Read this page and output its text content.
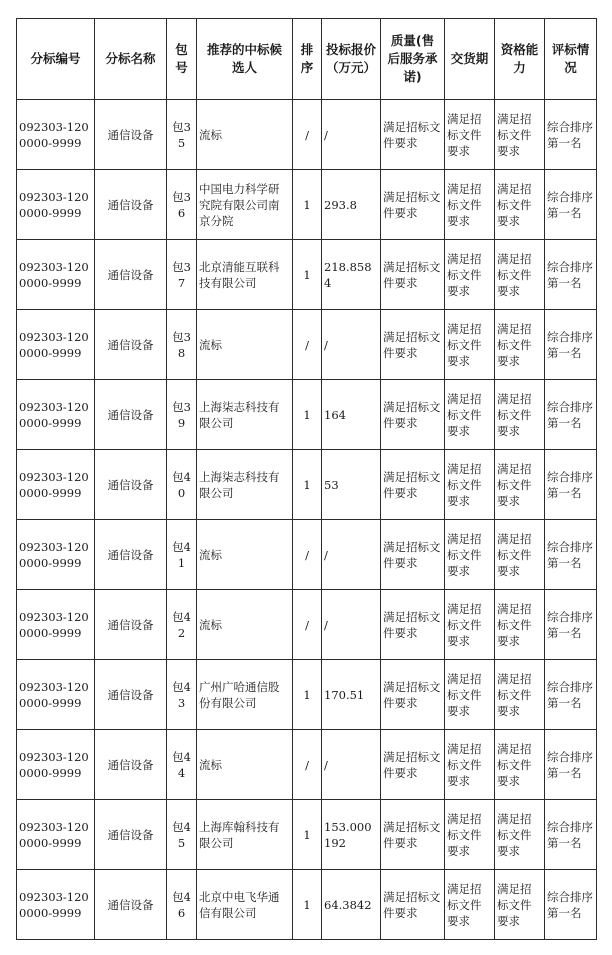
分标编号	分标名称	包号	推荐的中标候选人	排序	投标报价（万元）	质量(售后服务承诺)	交货期	资格能力	评标情况
092303-1200000-9999	通信设备	包35	流标	/	/	满足招标文件要求	满足招标文件要求	满足招标文件要求	综合排序第一名
092303-1200000-9999	通信设备	包36	中国电力科学研究院有限公司南京分院	1	293.8	满足招标文件要求	满足招标文件要求	满足招标文件要求	综合排序第一名
092303-1200000-9999	通信设备	包37	北京清能互联科技有限公司	1	218.8584	满足招标文件要求	满足招标文件要求	满足招标文件要求	综合排序第一名
092303-1200000-9999	通信设备	包38	流标	/	/	满足招标文件要求	满足招标文件要求	满足招标文件要求	综合排序第一名
092303-1200000-9999	通信设备	包39	上海柒志科技有限公司	1	164	满足招标文件要求	满足招标文件要求	满足招标文件要求	综合排序第一名
092303-1200000-9999	通信设备	包40	上海柒志科技有限公司	1	53	满足招标文件要求	满足招标文件要求	满足招标文件要求	综合排序第一名
092303-1200000-9999	通信设备	包41	流标	/	/	满足招标文件要求	满足招标文件要求	满足招标文件要求	综合排序第一名
092303-1200000-9999	通信设备	包42	流标	/	/	满足招标文件要求	满足招标文件要求	满足招标文件要求	综合排序第一名
092303-1200000-9999	通信设备	包43	广州广哈通信股份有限公司	1	170.51	满足招标文件要求	满足招标文件要求	满足招标文件要求	综合排序第一名
092303-1200000-9999	通信设备	包44	流标	/	/	满足招标文件要求	满足招标文件要求	满足招标文件要求	综合排序第一名
092303-1200000-9999	通信设备	包45	上海库翰科技有限公司	1	153.000192	满足招标文件要求	满足招标文件要求	满足招标文件要求	综合排序第一名
092303-1200000-9999	通信设备	包46	北京中电飞华通信有限公司	1	64.3842	满足招标文件要求	满足招标文件要求	满足招标文件要求	综合排序第一名
